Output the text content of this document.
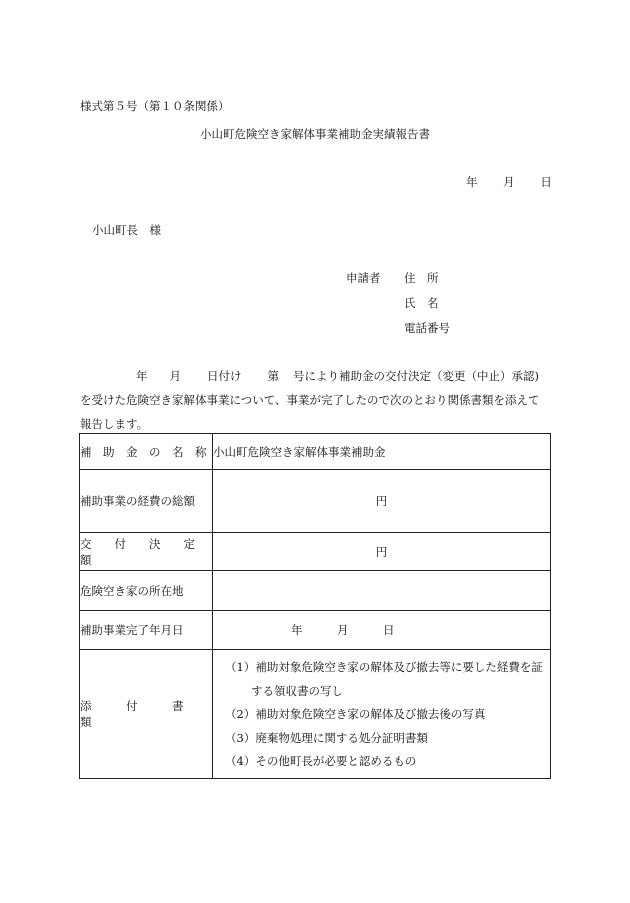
様式第５号（第１０条関係）
小山町危険空き家解体事業補助金実績報告書
年 月 日
小山町長　様
申請者 住　所
氏　名
電話番号
年 月 日付け 第 号により補助金の交付決定（変更（中止）承認)
を受けた危険空き家解体事業について、事業が完了したので次のとおり関係書類を添えて
報告します。
補　助　金　の　名　称	小山町危険空き家解体事業補助金
補助事業の経費の総額	円
交　　付　　決　　定　　額	円
危険空き家の所在地	
補助事業完了年月日	年　　　月　　　日
添　　　付　　　書　　　類	（1）補助対象危険空き家の解体及び撤去等に要した経費を証
する領収書の写し
（2）補助対象危険空き家の解体及び撤去後の写真
（3）廃棄物処理に関する処分証明書類
（4）その他町長が必要と認めるもの
